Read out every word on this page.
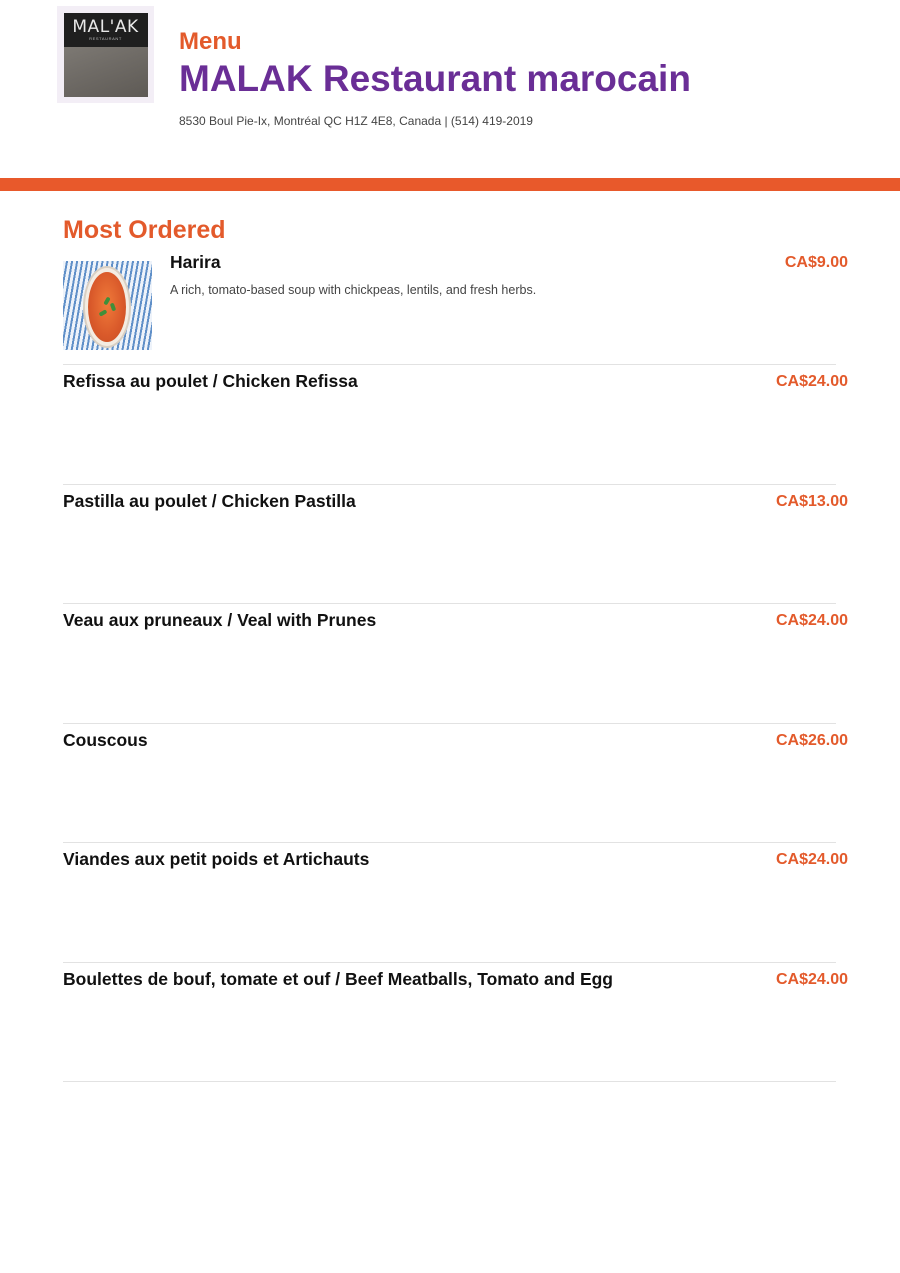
MAL'AK
RESTAURANT	Menu
MALAK Restaurant marocain
8530 Boul Pie-Ix, Montréal QC H1Z 4E8, Canada | (514) 419-2019
Most Ordered
Harira	CA$9.00
A rich, tomato-based soup with chickpeas, lentils, and fresh herbs.
Refissa au poulet / Chicken Refissa	CA$24.00
Pastilla au poulet / Chicken Pastilla	CA$13.00
Veau aux pruneaux / Veal with Prunes	CA$24.00
Couscous	CA$26.00
Viandes aux petit poids et Artichauts	CA$24.00
Boulettes de bouf, tomate et ouf / Beef Meatballs, Tomato and Egg	CA$24.00
